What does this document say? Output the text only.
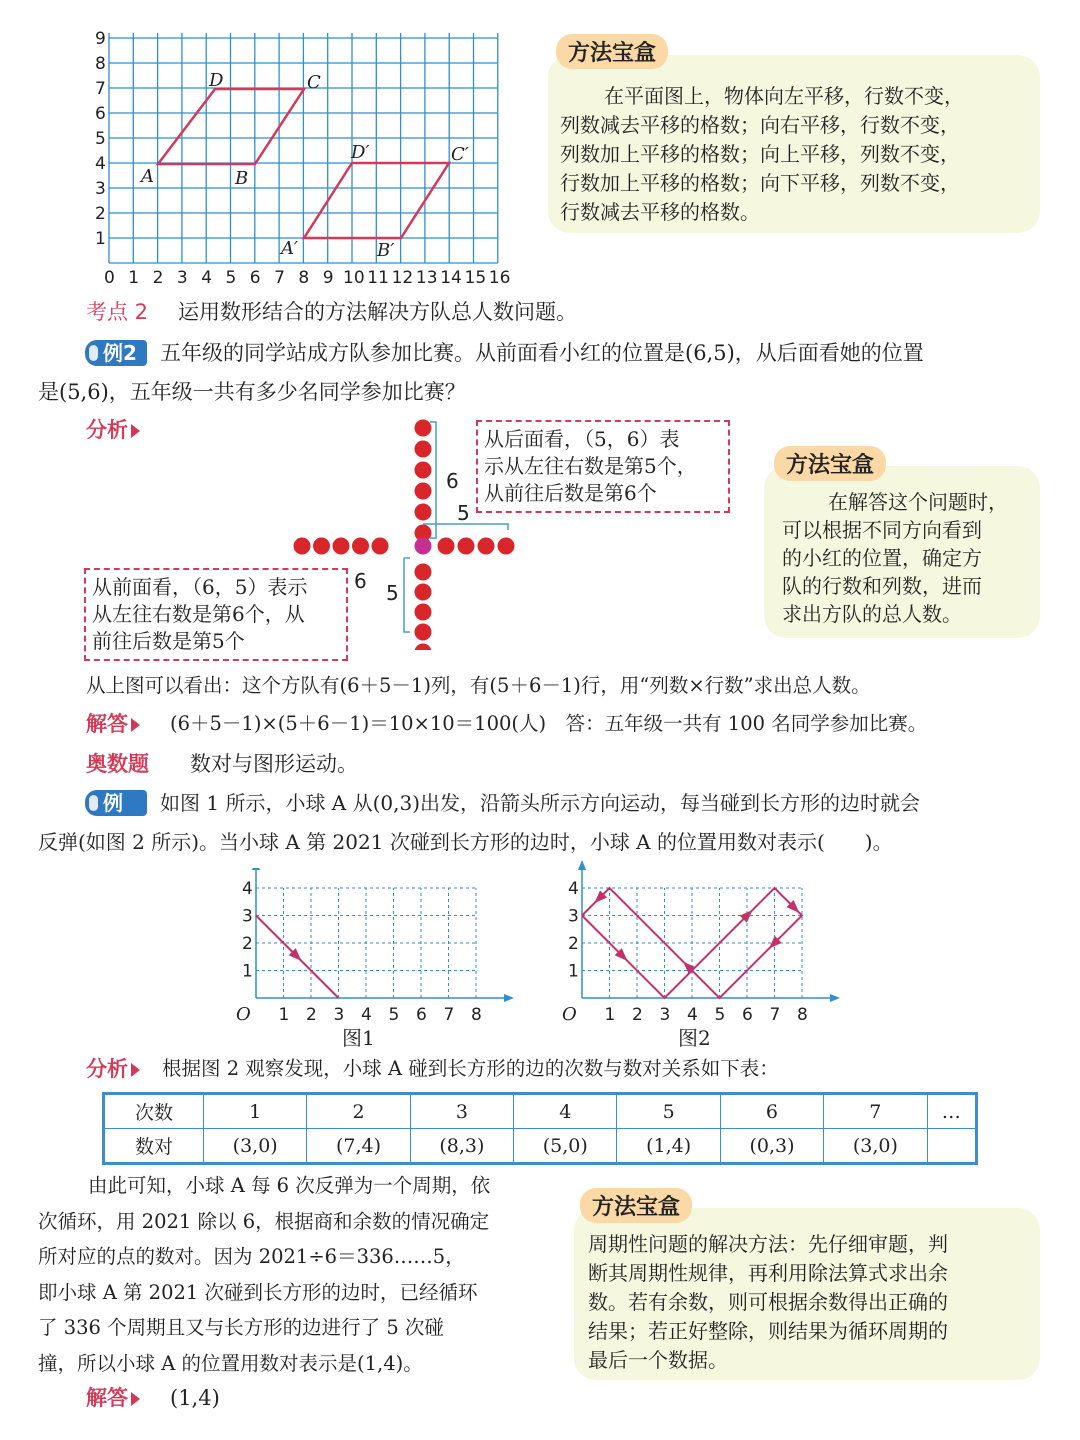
0 1 2 3 4 5 6 7 8 9 10 11 12 13 14 15 16
1
2
3
4
5
6
7
8
9
A	B
C
D
A′	B′
C′
D′
方法宝盒
在平面图上，物体向左平移，行数不变，
列数减去平移的格数；向右平移，行数不变，
列数加上平移的格数；向上平移，列数不变，
行数加上平移的格数；向下平移，列数不变，
行数减去平移的格数。
考点 2 运用数形结合的方法解决方队总人数问题。
例2	五年级的同学站成方队参加比赛。从前面看小红的位置是(6,5)，从后面看她的位置
是(5,6)，五年级一共有多少名同学参加比赛？
分析
6
5
6 5
从后面看，（5，6）表
示从左往右数是第5个，
从前往后数是第6个
从前面看，（6，5）表示
从左往右数是第6个，从
前往后数是第5个
方法宝盒
在解答这个问题时，
可以根据不同方向看到
的小红的位置，确定方
队的行数和列数，进而
求出方队的总人数。
从上图可以看出：这个方队有(6＋5－1)列，有(5＋6－1)行，用“列数×行数”求出总人数。
解答	(6＋5－1)×(5＋6－1)＝10×10＝100(人)　答：五年级一共有 100 名同学参加比赛。
奥数题 数对与图形运动。
例	如图 1 所示，小球 A 从(0,3)出发，沿箭头所示方向运动，每当碰到长方形的边时就会
反弹(如图 2 所示)。当小球 A 第 2021 次碰到长方形的边时，小球 A 的位置用数对表示(　　)。
1 2 3 4 5 6 7 8
1
2
3
4
O
图1
1 2 3 4 5 6 7 8
1
2
3
4
O
图2
分析	根据图 2 观察发现，小球 A 碰到长方形的边的次数与数对关系如下表：
次数	1	2	3	4	5	6	7	…
数对	(3,0)	(7,4)	(8,3)	(5,0)	(1,4)	(0,3)	(3,0)	
由此可知，小球 A 每 6 次反弹为一个周期，依
次循环，用 2021 除以 6，根据商和余数的情况确定
所对应的点的数对。因为 2021÷6＝336……5，
即小球 A 第 2021 次碰到长方形的边时，已经循环
了 336 个周期且又与长方形的边进行了 5 次碰
撞，所以小球 A 的位置用数对表示是(1,4)。
方法宝盒
周期性问题的解决方法：先仔细审题，判
断其周期性规律，再利用除法算式求出余
数。若有余数，则可根据余数得出正确的
结果；若正好整除，则结果为循环周期的
最后一个数据。
解答	(1,4)
